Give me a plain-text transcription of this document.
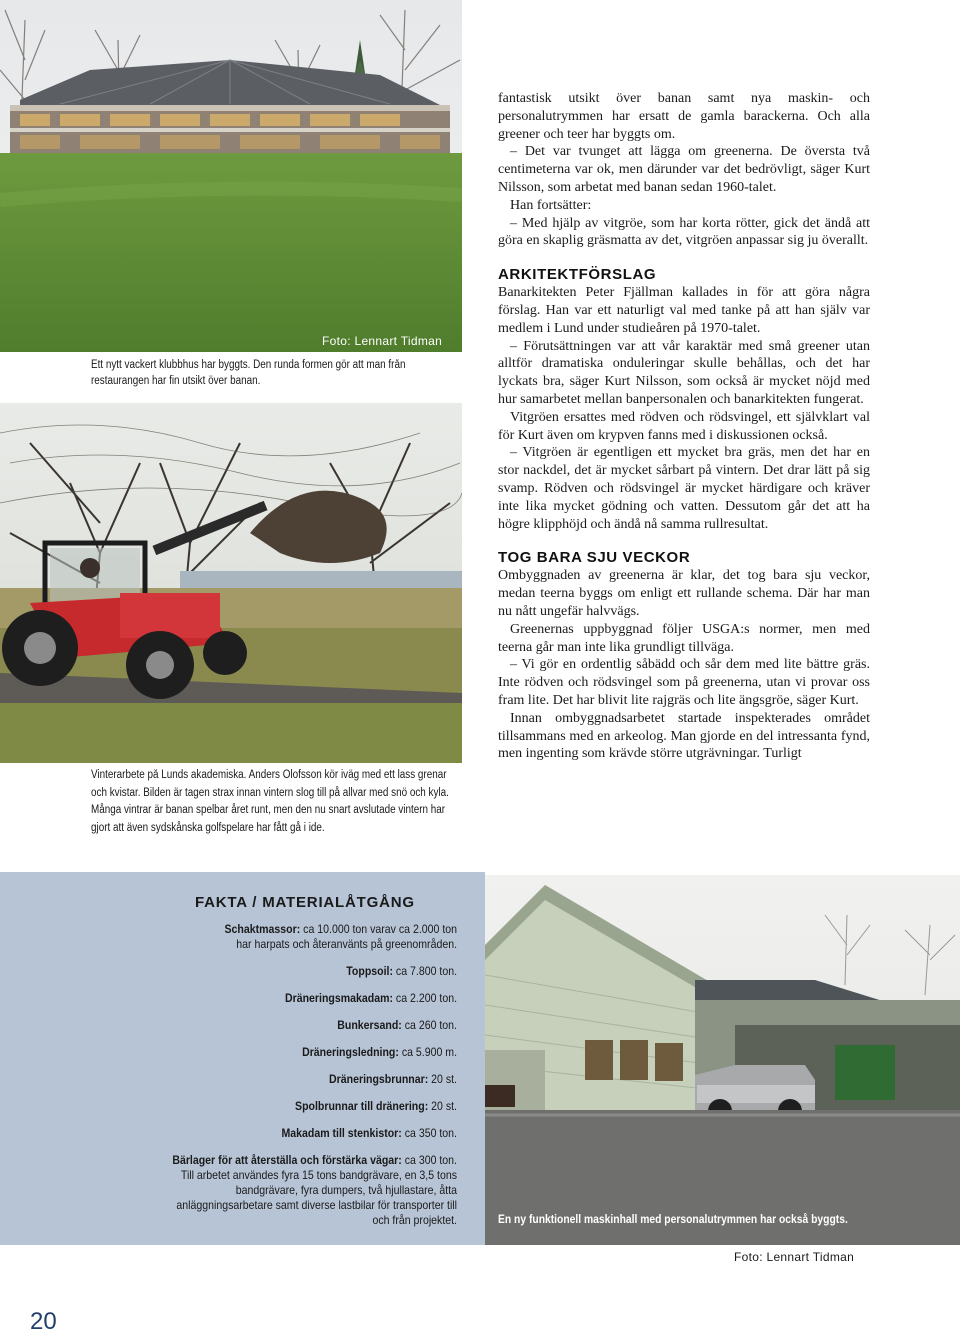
Foto: Lennart Tidman
Ett nytt vackert klubbhus har byggts. Den runda formen gör att man från restaurangen har fin utsikt över banan.
Vinterarbete på Lunds akademiska. Anders Olofsson kör iväg med ett lass grenar och kvistar. Bilden är tagen strax innan vintern slog till på allvar med snö och kyla. Många vintrar är banan spelbar året runt, men den nu snart avslutade vintern har gjort att även sydskånska golfspelare har fått gå i ide.

fantastisk utsikt över banan samt nya maskin- och personalutrymmen har ersatt de gamla barackerna. Och alla greener och teer har byggts om.

– Det var tvunget att lägga om greenerna. De översta två centimeterna var ok, men därunder var det bedrövligt, säger Kurt Nilsson, som arbetat med banan sedan 1960-talet.

Han fortsätter:

– Med hjälp av vitgröe, som har korta rötter, gick det ändå att göra en skaplig gräsmatta av det, vitgröen anpassar sig ju överallt.

ARKITEKTFÖRSLAG

Banarkitekten Peter Fjällman kallades in för att göra några förslag. Han var ett naturligt val med tanke på att han själv var medlem i Lund under studieåren på 1970-talet.

– Förutsättningen var att vår karaktär med små greener utan alltför dramatiska onduleringar skulle behållas, och det har lyckats bra, säger Kurt Nilsson, som också är mycket nöjd med hur samarbetet mellan banpersonalen och banarkitekten fungerat.

Vitgröen ersattes med rödven och rödsvingel, ett självklart val för Kurt även om krypven fanns med i diskussionen också.

– Vitgröen är egentligen ett mycket bra gräs, men det har en stor nackdel, det är mycket sårbart på vintern. Det drar lätt på sig svamp. Rödven och rödsvingel är mycket härdigare och kräver inte lika mycket gödning och vatten. Dessutom går det att ha högre klipphöjd och ändå nå samma rullresultat.

TOG BARA SJU VECKOR

Ombyggnaden av greenerna är klar, det tog bara sju veckor, medan teerna byggs om enligt ett rullande schema. Där har man nu nått ungefär halvvägs.

Greenernas uppbyggnad följer USGA:s normer, men med teerna går man inte lika grundligt tillväga.

– Vi gör en ordentlig såbädd och sår dem med lite bättre gräs. Inte rödven och rödsvingel som på greenerna, utan vi provar oss fram lite. Det har blivit lite rajgräs och lite ängsgröe, säger Kurt.

Innan ombyggnadsarbetet startade inspekterades området tillsammans med en arkeolog. Man gjorde en del intressanta fynd, men ingenting som krävde större utgrävningar. Turligt

FAKTA / MATERIALÅTGÅNG
Schaktmassor: ca 10.000 ton varav ca 2.000 ton
har harpats och återanvänts på greenområden.
Toppsoil: ca 7.800 ton.
Dräneringsmakadam: ca 2.200 ton.
Bunkersand: ca 260 ton.
Dräneringsledning: ca 5.900 m.
Dräneringsbrunnar: 20 st.
Spolbrunnar till dränering: 20 st.
Makadam till stenkistor: ca 350 ton.
Bärlager för att återställa och förstärka vägar: ca 300 ton.
Till arbetet användes fyra 15 tons bandgrävare, en 3,5 tons bandgrävare, fyra dumpers, två hjullastare, åtta anläggningsarbetare samt diverse lastbilar för transporter till och från projektet.	En ny funktionell maskinhall med personalutrymmen har också byggts.
Foto: Lennart Tidman
20
